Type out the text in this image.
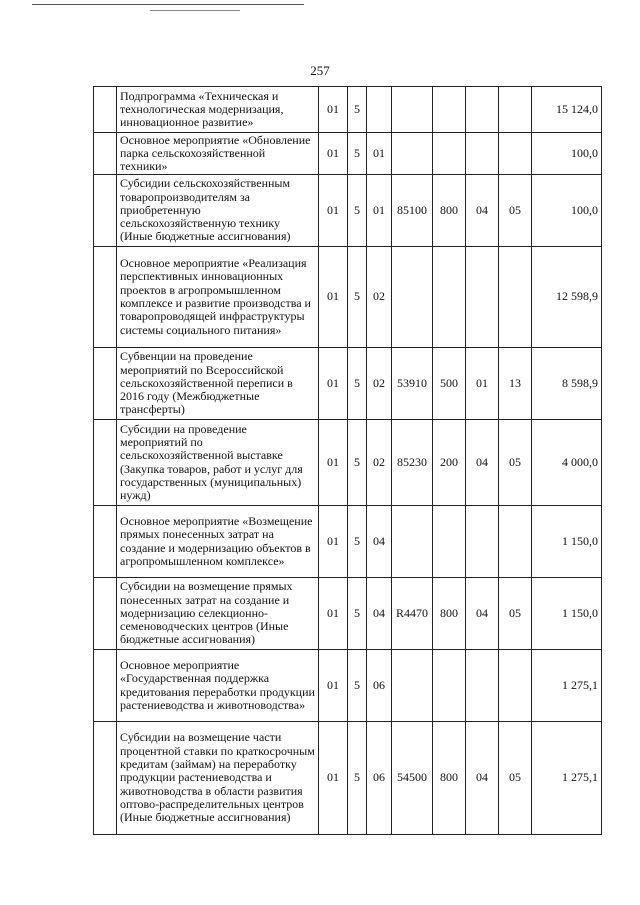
257

	Подпрограмма «Техническая и технологическая модернизация, инновационное развитие»	01	5						15 124,0

	Основное мероприятие «Обновление парка сельскохозяйственной техники»	01	5	01					100,0

	Субсидии сельскохозяйственным товаропроизводителям за приобретенную сельскохозяйственную технику (Иные бюджетные ассигнования)	01	5	01	85100	800	04	05	100,0

	Основное мероприятие «Реализация перспективных инновационных проектов в агропромышленном комплексе и развитие производства и товаропроводящей инфраструктуры системы социального питания»	01	5	02					12 598,9

	Субвенции на проведение мероприятий по Всероссийской сельскохозяйственной переписи в 2016 году (Межбюджетные трансферты)	01	5	02	53910	500	01	13	8 598,9

	Субсидии на проведение мероприятий по сельскохозяйственной выставке (Закупка товаров, работ и услуг для государственных (муниципальных) нужд)	01	5	02	85230	200	04	05	4 000,0

	Основное мероприятие «Возмещение прямых понесенных затрат на создание и модернизацию объектов в агропромышленном комплексе»	01	5	04					1 150,0

	Субсидии на возмещение прямых понесенных затрат на создание и модернизацию селекционно-семеноводческих центров (Иные бюджетные ассигнования)	01	5	04	R4470	800	04	05	1 150,0

	Основное мероприятие «Государственная поддержка кредитования переработки продукции растениеводства и животноводства»	01	5	06					1 275,1

	Субсидии на возмещение части процентной ставки по краткосрочным кредитам (займам) на переработку продукции растениеводства и животноводства в области развития оптово-распределительных центров (Иные бюджетные ассигнования)	01	5	06	54500	800	04	05	1 275,1
